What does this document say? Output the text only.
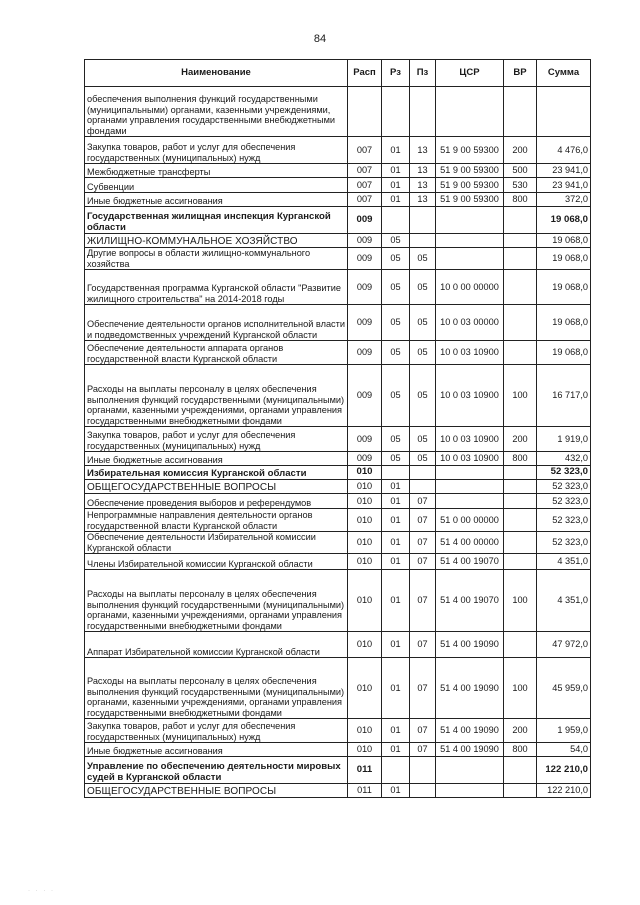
84
Наименование	Расп	Рз	Пз	ЦСР	ВР	Сумма
обеспечения выполнения функций государственными (муниципальными) органами, казенными учреждениями, органами управления государственными внебюджетными фондами						
Закупка товаров, работ и услуг для обеспечения государственных (муниципальных) нужд	007	01	13	51 9 00 59300	200	4 476,0
Межбюджетные трансферты	007	01	13	51 9 00 59300	500	23 941,0
Субвенции	007	01	13	51 9 00 59300	530	23 941,0
Иные бюджетные ассигнования	007	01	13	51 9 00 59300	800	372,0
Государственная жилищная инспекция Курганской области	009					19 068,0
ЖИЛИЩНО-КОММУНАЛЬНОЕ ХОЗЯЙСТВО	009	05				19 068,0
Другие вопросы в области жилищно-коммунального хозяйства	009	05	05			19 068,0
Государственная программа Курганской области "Развитие жилищного строительства" на 2014-2018 годы	009	05	05	10 0 00 00000		19 068,0
Обеспечение деятельности органов исполнительной власти и подведомственных учреждений Курганской области	009	05	05	10 0 03 00000		19 068,0
Обеспечение деятельности аппарата органов государственной власти Курганской области	009	05	05	10 0 03 10900		19 068,0
Расходы на выплаты персоналу в целях обеспечения выполнения функций государственными (муниципальными) органами, казенными учреждениями, органами управления государственными внебюджетными фондами	009	05	05	10 0 03 10900	100	16 717,0
Закупка товаров, работ и услуг для обеспечения государственных (муниципальных) нужд	009	05	05	10 0 03 10900	200	1 919,0
Иные бюджетные ассигнования	009	05	05	10 0 03 10900	800	432,0
Избирательная комиссия Курганской области	010					52 323,0
ОБЩЕГОСУДАРСТВЕННЫЕ ВОПРОСЫ	010	01				52 323,0
Обеспечение проведения выборов и референдумов	010	01	07			52 323,0
Непрограммные направления деятельности органов государственной власти Курганской области	010	01	07	51 0 00 00000		52 323,0
Обеспечение деятельности Избирательной комиссии Курганской области	010	01	07	51 4 00 00000		52 323,0
Члены Избирательной комиссии Курганской области	010	01	07	51 4 00 19070		4 351,0
Расходы на выплаты персоналу в целях обеспечения выполнения функций государственными (муниципальными) органами, казенными учреждениями, органами управления государственными внебюджетными фондами	010	01	07	51 4 00 19070	100	4 351,0
Аппарат Избирательной комиссии Курганской области	010	01	07	51 4 00 19090		47 972,0
Расходы на выплаты персоналу в целях обеспечения выполнения функций государственными (муниципальными) органами, казенными учреждениями, органами управления государственными внебюджетными фондами	010	01	07	51 4 00 19090	100	45 959,0
Закупка товаров, работ и услуг для обеспечения государственных (муниципальных) нужд	010	01	07	51 4 00 19090	200	1 959,0
Иные бюджетные ассигнования	010	01	07	51 4 00 19090	800	54,0
Управление по обеспечению деятельности мировых судей в Курганской области	011					122 210,0
ОБЩЕГОСУДАРСТВЕННЫЕ ВОПРОСЫ	011	01				122 210,0
· · · ·
